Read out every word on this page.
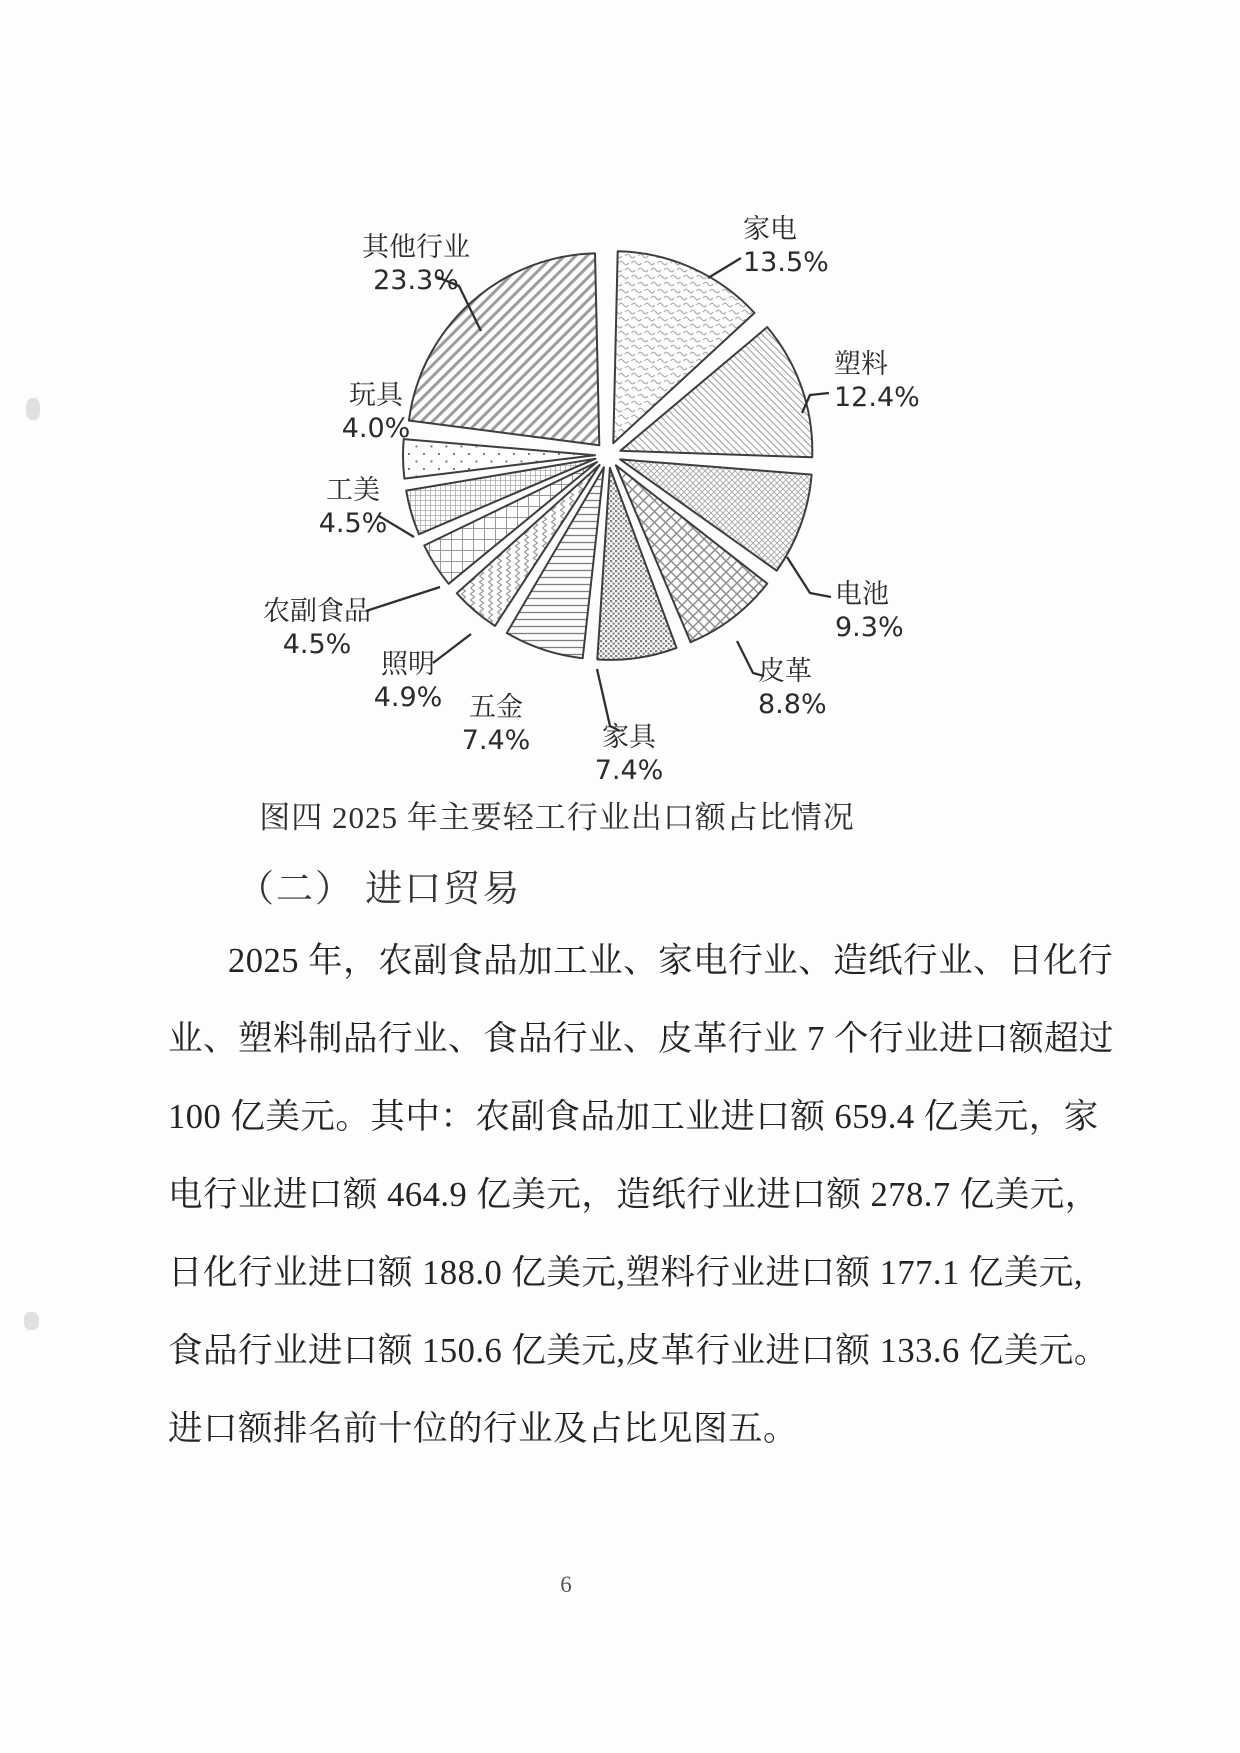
家电
13.5%
塑料
12.4%
电池
9.3%
皮革
8.8%
家具
7.4%
五金
7.4%
照明
4.9%
农副食品
4.5%
工美
4.5%
玩具
4.0%
其他行业
23.3%
图四 2025 年主要轻工行业出口额占比情况
（二） 进口贸易
2025 年，农副食品加工业、家电行业、造纸行业、日化行
业、塑料制品行业、食品行业、皮革行业 7 个行业进口额超过
100 亿美元。其中：农副食品加工业进口额 659.4 亿美元，家
电行业进口额 464.9 亿美元，造纸行业进口额 278.7 亿美元，
日化行业进口额 188.0 亿美元,塑料行业进口额 177.1 亿美元,
食品行业进口额 150.6 亿美元,皮革行业进口额 133.6 亿美元。
进口额排名前十位的行业及占比见图五。
6
